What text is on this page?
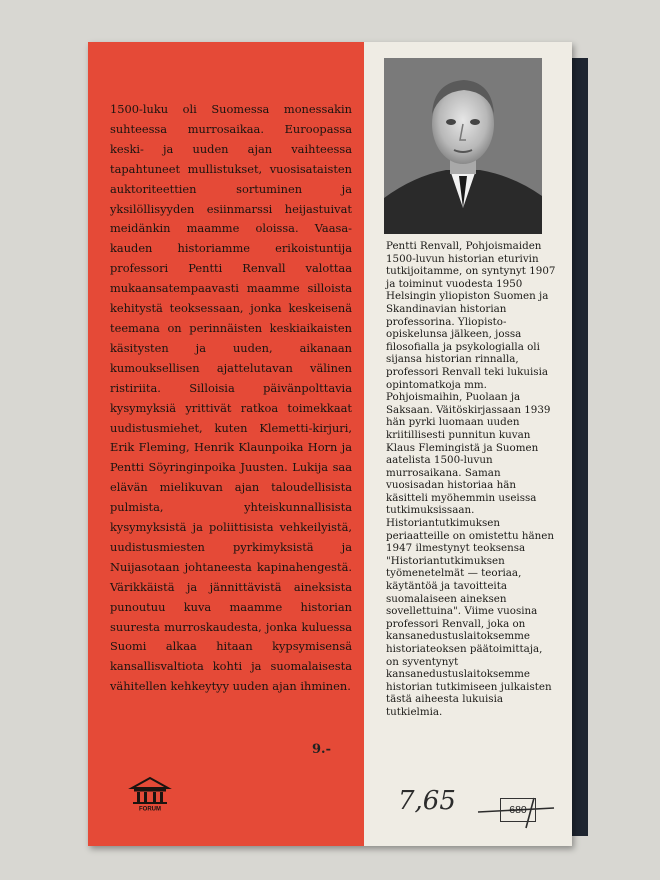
1500-luku oli Suomessa monessakin suhteessa murrosaikaa. Euroopassa keski- ja uuden ajan vaihteessa tapahtuneet mullistukset, vuosisataisten auktoriteettien sortuminen ja yksilöllisyyden esiinmarssi heijastuivat meidänkin maamme oloissa. Vaasa-kauden historiamme erikoistuntija professori Pentti Renvall valottaa mukaansatempaavasti maamme silloista kehitystä teoksessaan, jonka keskeisenä teemana on perinnäisten keskiaikaisten käsitysten ja uuden, aikanaan kumouksellisen ajattelutavan välinen ristiriita. Silloisia päivänpolttavia kysymyksiä yrittivät ratkoa toimekkaat uudistusmiehet, kuten Klemetti-kirjuri, Erik Fleming, Henrik Klaunpoika Horn ja Pentti Söyringinpoika Juusten. Lukija saa elävän mielikuvan ajan taloudellisista pulmista, yhteiskunnallisista kysymyksistä ja poliittisista vehkeilyistä, uudistusmiesten pyrkimyksistä ja Nuijasotaan johtaneesta kapinahengestä. Värikkäistä ja jännittävistä aineksista punoutuu kuva maamme historian suuresta murroskaudesta, jonka kuluessa Suomi alkaa hitaan kypsymisensä kansallisvaltiota kohti ja suomalaisesta vähitellen kehkeytyy uuden ajan ihminen.

9.-
FORUM

Pentti Renvall, Pohjoismaiden 1500-luvun historian eturivin tutkijoitamme, on syntynyt 1907 ja toiminut vuodesta 1950 Helsingin yliopiston Suomen ja Skandinavian historian professorina. Yliopisto-opiskelunsa jälkeen, jossa filosofialla ja psykologialla oli sijansa historian rinnalla, professori Renvall teki lukuisia opintomatkoja mm. Pohjoismaihin, Puolaan ja Saksaan. Väitöskirjassaan 1939 hän pyrki luomaan uuden kriitillisesti punnitun kuvan Klaus Flemingistä ja Suomen aatelista 1500-luvun murrosaikana. Saman vuosisadan historiaa hän käsitteli myöhemmin useissa tutkimuksissaan. Historiantutkimuksen periaatteille on omistettu hänen 1947 ilmestynyt teoksensa "Historiantutkimuksen työmenetelmät — teoriaa, käytäntöä ja tavoitteita suomalaiseen aineksen sovellettuina". Viime vuosina professori Renvall, joka on kansanedustuslaitoksemme historiateoksen päätoimittaja, on syventynyt kansanedustuslaitoksemme historian tutkimiseen julkaisten tästä aiheesta lukuisia tutkielmia.

7,65	680
